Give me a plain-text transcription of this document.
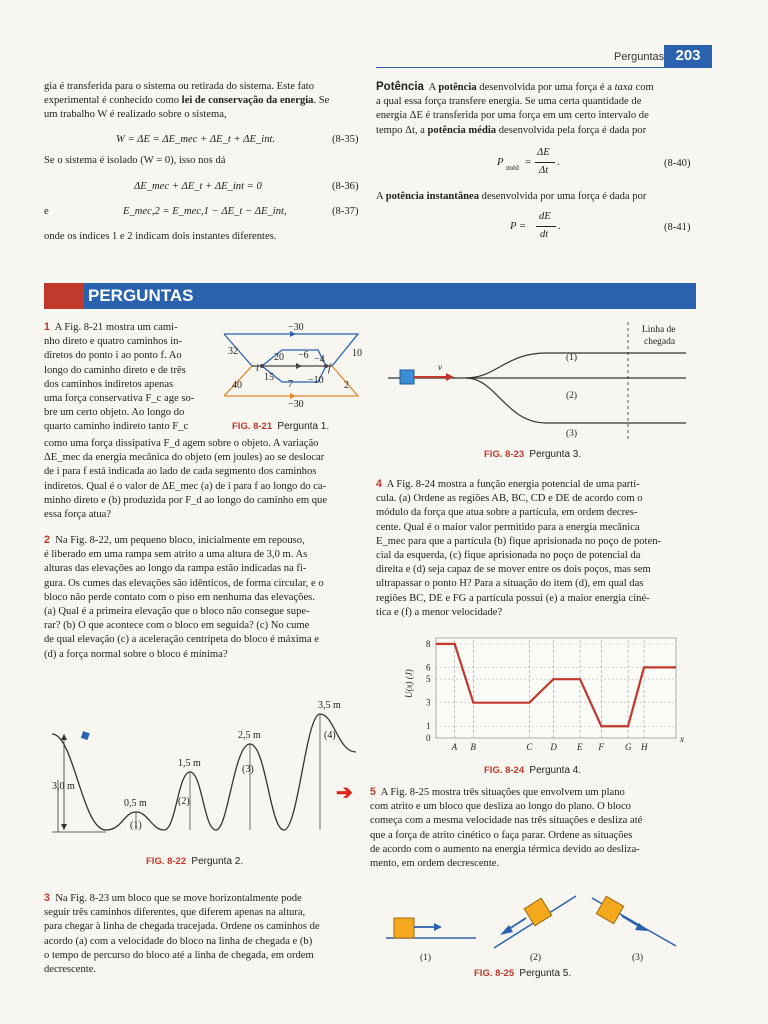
Perguntas 203
gia é transferida para o sistema ou retirada do sistema. Este fato
experimental é conhecido como lei de conservação da energia. Se
um trabalho W é realizado sobre o sistema,
W = ΔE = ΔE_mec + ΔE_t + ΔE_int.	(8-35)
Se o sistema é isolado (W = 0), isso nos dá
ΔE_mec + ΔE_t + ΔE_int = 0	(8-36)
e	E_mec,2 = E_mec,1 − ΔE_t − ΔE_int,	(8-37)
onde os índices 1 e 2 indicam dois instantes diferentes.
Potência A potência desenvolvida por uma força é a taxa com
a qual essa força transfere energia. Se uma certa quantidade de
energia ΔE é transferida por uma força em um certo intervalo de
tempo Δt, a potência média desenvolvida pela força é dada por
P méd =
ΔE
Δt
.	(8-40)
A potência instantânea desenvolvida por uma força é dada por
P =
dE
dt
.	(8-41)
PERGUNTAS
1 A Fig. 8-21 mostra um cami-
nho direto e quatro caminhos in-
diretos do ponto i ao ponto f. Ao
longo do caminho direto e de três
dos caminhos indiretos apenas
uma força conservativa F_c age so-
bre um certo objeto. Ao longo do
quarto caminho indireto tanto F_c
como uma força dissipativa F_d agem sobre o objeto. A variação
ΔE_mec da energia mecânica do objeto (em joules) ao se deslocar
de i para f está indicada ao lado de cada segmento dos caminhos
indiretos. Qual é o valor de ΔE_mec (a) de i para f ao longo do ca-
minho direto e (b) produzida por F_d ao longo do caminho em que
essa força atua?
−30
32
20 −6 −4
10
i	f
40
15
7 −10 2
−30
FIG. 8-21 Pergunta 1.
2 Na Fig. 8-22, um pequeno bloco, inicialmente em repouso,
é liberado em uma rampa sem atrito a uma altura de 3,0 m. As
alturas das elevações ao longo da rampa estão indicadas na fi-
gura. Os cumes das elevações são idênticos, de forma circular, e o
bloco não perde contato com o piso em nenhuma das elevações.
(a) Qual é a primeira elevação que o bloco não consegue supe-
rar? (b) O que acontece com o bloco em seguida? (c) No cume
de qual elevação (c) a aceleração centrípeta do bloco é máxima e
(d) a força normal sobre o bloco é mínima?
3,0 m
0,5 m
1,5 m
2,5 m
3,5 m
(1)
(2)
(3)
(4)
FIG. 8-22 Pergunta 2.
3 Na Fig. 8-23 um bloco que se move horizontalmente pode
seguir três caminhos diferentes, que diferem apenas na altura,
para chegar à linha de chegada tracejada. Ordene os caminhos de
acordo (a) com a velocidade do bloco na linha de chegada e (b)
o tempo de percurso do bloco até a linha de chegada, em ordem
decrescente.
Linha de
chegada
v
(1)
(2)
(3)
FIG. 8-23 Pergunta 3.
4 A Fig. 8-24 mostra a função energia potencial de uma partí-
cula. (a) Ordene as regiões AB, BC, CD e DE de acordo com o
módulo da força que atua sobre a partícula, em ordem decres-
cente. Qual é o maior valor permitido para a energia mecânica
E_mec para que a partícula (b) fique aprisionada no poço de poten-
cial da esquerda, (c) fique aprisionada no poço de potencial da
direita e (d) seja capaz de se mover entre os dois poços, mas sem
ultrapassar o ponto H? Para a situação do item (d), em qual das
regiões BC, DE e FG a partícula possui (e) a maior energia ciné-
tica e (f) a menor velocidade?
0
1
3
5
6
8
A B	C D E F G H
U(x) (J)
x
FIG. 8-24 Pergunta 4.
➔ 5 A Fig. 8-25 mostra três situações que envolvem um plano
com atrito e um bloco que desliza ao longo do plano. O bloco
começa com a mesma velocidade nas três situações e desliza até
que a força de atrito cinético o faça parar. Ordene as situações
de acordo com o aumento na energia térmica devido ao desliza-
mento, em ordem decrescente.
(1)	(2)	(3)
FIG. 8-25 Pergunta 5.
